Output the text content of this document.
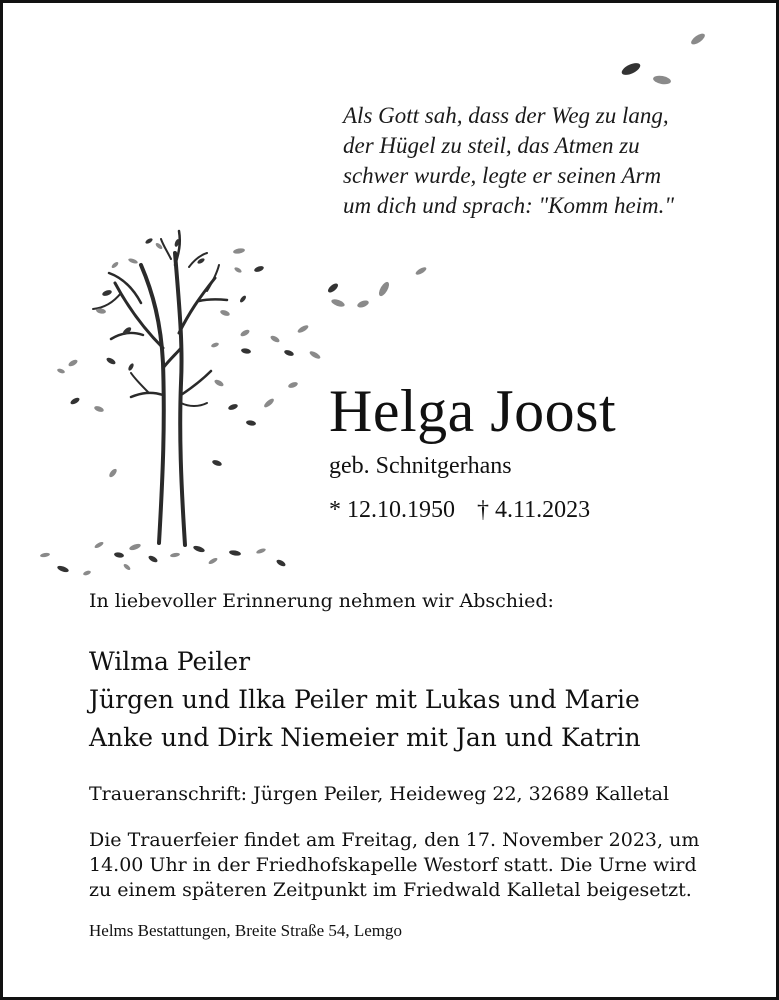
Als Gott sah, dass der Weg zu lang,
der Hügel zu steil, das Atmen zu
schwer wurde, legte er seinen Arm
um dich und sprach: "Komm heim."
Helga Joost
geb. Schnitgerhans
* 12.10.1950 † 4.11.2023
In liebevoller Erinnerung nehmen wir Abschied:
Wilma Peiler
Jürgen und Ilka Peiler mit Lukas und Marie
Anke und Dirk Niemeier mit Jan und Katrin
Traueranschrift: Jürgen Peiler, Heideweg 22, 32689 Kalletal
Die Trauerfeier findet am Freitag, den 17. November 2023, um
14.00 Uhr in der Friedhofskapelle Westorf statt. Die Urne wird
zu einem späteren Zeitpunkt im Friedwald Kalletal beigesetzt.
Helms Bestattungen, Breite Straße 54, Lemgo
